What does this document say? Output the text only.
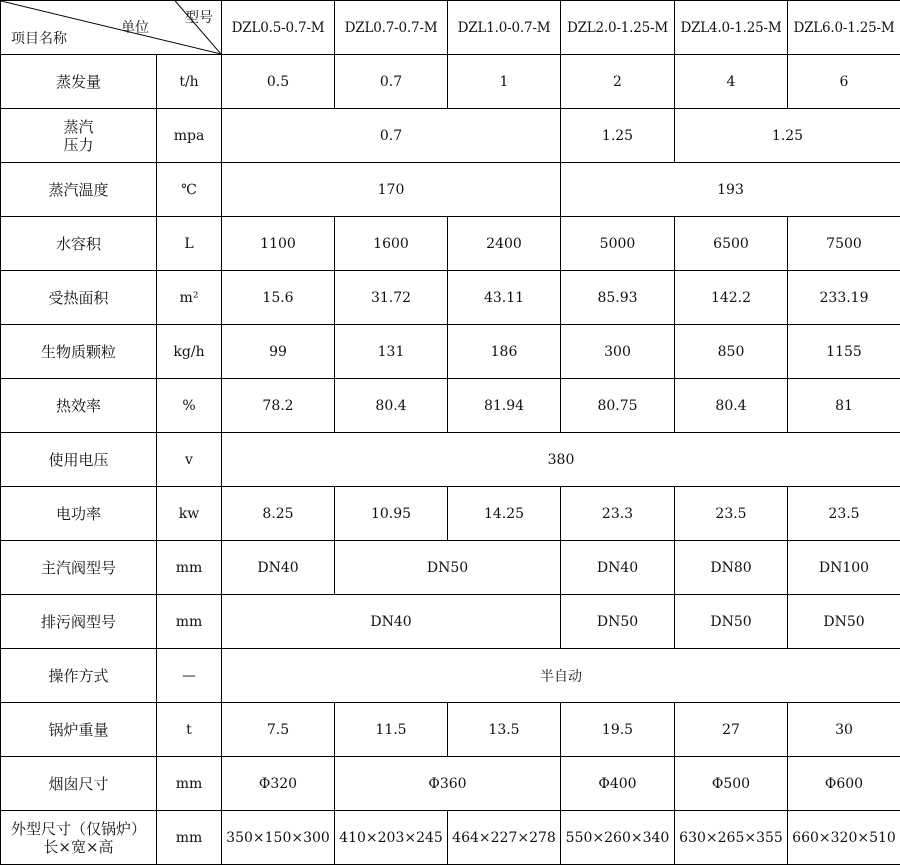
型号
单位
项目名称		DZL0.5-0.7-M	DZL0.7-0.7-M	DZL1.0-0.7-M	DZL2.0-1.25-M	DZL4.0-1.25-M	DZL6.0-1.25-M
蒸发量	t/h	0.5	0.7	1	2	4	6
蒸汽
压力	mpa	0.7			1.25	1.25	
蒸汽温度	℃	170			193		
水容积	L	1100	1600	2400	5000	6500	7500
受热面积	m²	15.6	31.72	43.11	85.93	142.2	233.19
生物质颗粒	kg/h	99	131	186	300	850	1155
热效率	%	78.2	80.4	81.94	80.75	80.4	81
使用电压	v	380					
电功率	kw	8.25	10.95	14.25	23.3	23.5	23.5
主汽阀型号	mm	DN40	DN50		DN40	DN80	DN100
排污阀型号	mm	DN40			DN50	DN50	DN50
操作方式	—	半自动					
锅炉重量	t	7.5	11.5	13.5	19.5	27	30
烟囱尺寸	mm	Φ320	Φ360		Φ400	Φ500	Φ600
外型尺寸（仅锅炉）
长×宽×高	mm	350×150×300	410×203×245	464×227×278	550×260×340	630×265×355	660×320×510
